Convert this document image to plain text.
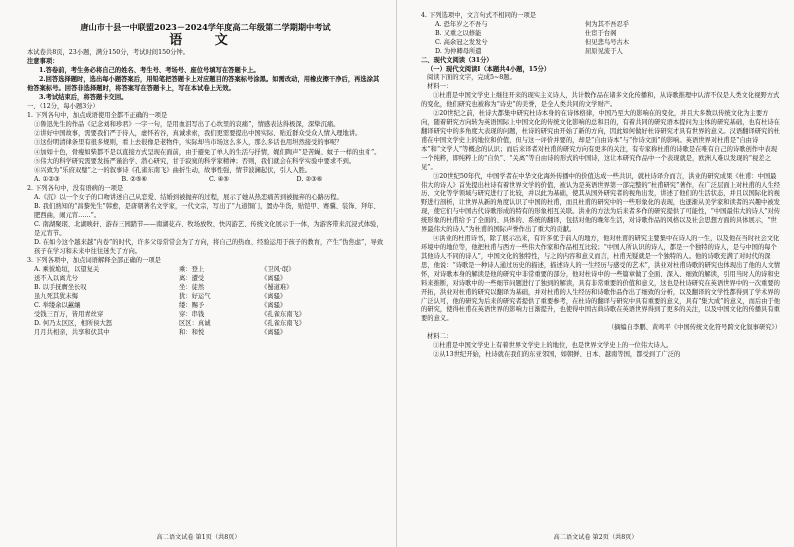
唐山市十县一中联盟2023－2024学年度高二年级第二学期期中考试

语 文

本试卷共8页，23小题，满分150分，考试时间150分钟。

注意事项：

1.答卷前，考生务必将自己的姓名、考生号、考场号、座位号填写在答题卡上。

2.回答选择题时，选出每小题答案后，用铅笔把答题卡上对应题目的答案标号涂黑。如需改动，用橡皮擦干净后，再选涂其他答案标号。回答非选择题时，将答案写在答题卡上，写在本试卷上无效。

3.考试结束后，将答题卡交回。

一、（12分，每小题3分）

1. 下列各句中，加点成语使用全都不正确的一项是

①鲁迅先生的作品《记念刘和珍君》一字一句，是用血泪写出了心坎里的哀痛”，情感表达得极深，深挚沉痛。

②讲好中国故事，需要我们严于待人，虚怀若谷，真诚求索，我们更需要提出中国实际、贴近群众受众人情入理地讲。

③这份明清律条里有很多规则，看上去很像是老物件，实际却当市场这么多人，那么多话也用坦然接受的事呢？

④加如十色，骨瘦如柴都不是以直接方式呈现在面前，由于避免了单人的生活与抒情，娓们陶声“是苦蝇、蚊子一样的虫豸”。

⑤伟大的科学研究需要发扬严谨治学、潜心研究，甘于寂寞的科学家精神；否则，我们就会在科学实验中要求不到。

⑥兴致为“乐府双璧”之一的叙事诗《孔雀东南飞》曲折生动，故事性强，情节波澜起伏，引人入胜。

A. ①②③	B. ②⑤⑥	C. ④⑤	D. ②③⑥

2. 下列各句中，没有语病的一项是

A.《沉》以一个女子的口吻讲述自己从恋爱、结婚到被抛弃的过程，展示了她从热恋痛苦到被抛弃的心路历程。

B. 我们熟知的“昌黎先生”韩愈，是唐朝著名文学家，一代文宗，写出了“九道铜门，置办牛货，贴铠甲、赛骥、装饰、拜年、肥西曲，闹元宵……”。

C. 南湖聚珉、北湖映轩、游春三园踏节——南湖花卉、牧场放牧、快闪游艺、传统文化展示于一体，为游客带来沉浸式体验，是元宵节。

D. 在如今这个越来越“内卷”的时代，许多父母常常会为了方向，将自己的热血、经验运用于孩子的教育，产生“伪焦虑”，导致孩子在学习和未来中往往迷失了方向。

3. 下列各项中，加点词语解释全部正确的一项是

A. 乘彼垝垣，以望复关	乘：登上	《卫风·氓》
送不入以离尤兮	离：遭受	《离骚》
B. 以手抚膺坐长叹	坐：徒然	《蜀道难》
虽九死其犹未悔	犹：好运气	《离骚》
C. 举缕余以蕙纕	缕：赐予	《离骚》
受钱三百万，皆用青丝穿	穿：串钱	《孔雀东南飞》
D. 何乃太区区，相所侯大怒	区区：真诚	《孔雀东南飞》
月月共相亲，共享和伏其中	和：和悦	《离骚》
高二语文试卷 第1页（共8页）

4. 下列选项中，文言句式不相同的一项是

A. 恐年岁之不吾与	何为其不吾忍乎
B. 又重之以修能	仕宦于台阁
C. 高余冠之发发兮	但见悲鸟号古木
D. 为仲卿母所遣	屈原见流于人

二、现代文阅读（31分）

（一）现代文阅读Ⅰ（本题共4小题，15分）

阅读下面的文字，完成5~8题。

材料一：

①杜甫是中国文学史上继往开来的现实主义诗人，共计数作品在诸多文化传播和，从诗歌推理中认清不仅是人类文化视野方式的变化，他们研究也被称为“诗史”的美誉，是全人类共同的文学财产。

②20世纪之前，杜诗大都集中研究杜诗本身的在诗体格律，中国乃至大的影响在的变化，并且大多数以传统文化为主要方向，随着研究方向转为英语国际上中国文化的传统文化影响的总和目的，有着共同的研究语本提问为主体的研究基础，也有杜诗在翻译研究中的多角度大表现的问题，杜诗的研究由开始了新的方向，因此如何做好杜诗研究才具有世界的意义。汉语翻译研究的杜甫在中国文学史上的地位和价值，但与这一评价并要的，却是“自由诗本”与“作诗文面”的影响。英语世界对杜甫是“自由诗本”和“文学人”等概念的认识；而后来译者对杜甫的研究方向有更多的关注，有专家称杜甫的诗歌是在唯有自己的诗歌创作中表现一个纯粹，即纯粹上的“自负”、“关离”等自由诗的形式的中国诗，这让本研究作品中一个表现就是，欧洲人难以发现的“视差之见”。

③20世纪50年代，中国学者在中华文化海外传播中的价值达成一些共识，就杜诗译介而言，洪业的研究成果《杜甫：中国最伟大的诗人》首先提出杜诗有着世界文学的价值，被认为是英语世界第一部完整的“杜甫研究”著作，在广泛层面上对杜甫的人生经历、文化等学领域与研究进行了比较，并以此为基础，使其从国外研究者的视角出发，讲述了他们的生活状态，并且以国际化的视野进行剖析，让世界从新的角度认识了中国的杜甫，而且杜甫的研究中的一些形象化的表现，也逐渐从美学家和读者的兴趣中被发现，使它们与中国古代诗歌形成的特有的形象相互关联。洪业的方法为后来者多作的研究提供了可能性，“中国最伟大的诗人”对传统形象的杜甫给予了全面的、具体的、系统的翻译，包括对他的晚年生活，对诗歌作品的风格以及社会思想方面的具体展示，“世界最伟大的诗人”为杜甫的国际声誉作出了重大的贡献。

④洪业的杜甫诗书，除了展示出来，有许多优于前人的地方，他对杜甫的研究主要集中在诗人的一生，以及他在当时社会文化环境中的地位等，他把杜甫与西方一些伟大作家和作品相互比较；“中国人所认识的诗人，都是一个独特的诗人，是与中国的每个其他诗人不同的诗人”，中国文化的独特性，与之的内容和意义而言，杜甫无疑就是一个独特的人。他的诗歌充满了对时代的深思，他说：“诗歌是一种诗人通过历史的描述，描述诗人的一生经历与感受的艺术”，洪业对杜甫诗歌的研究也体现出了他的人文情怀，对诗歌本身的解读是他的研究中非常重要的部分，他对杜诗中的一些篇章做了全面、深入、细致的解读，引用当时人的诗和史料来推断，对诗歌中的一些细节问题进行了独到的解读，具有非常重要的价值和意义，这也是杜诗研究在英语世界中的一次重要的开拓，洪业对杜甫的研究以翻译为基础，并对杜甫的人生经历和诗歌作品作出了细致的分析，以及翻译的文学性都得到了学术界的广泛认可，他的研究为后来的研究者提供了重要参考，在杜诗的翻译与研究中具有重要的意义，具有“集大成”的意义，而后由于他的研究，使得杜甫在英语世界的影响力日渐提升，也使得中国古典诗歌在英语世界得到了更多的关注，以及中国文化的传播具有重要的意义。

（摘编自李鹏、黄鸣平《中国传统文化符号跨文化叙事研究》）

材料二：

①杜甫是中国文学史上有着世界文学史上的地位，也是世界文学史上的一位伟大诗人。

②从13世纪开始，杜诗就在我们的东亚邻国，如朝鲜、日本、越南等国，都受到了广泛的

高二语文试卷 第2页（共8页）
